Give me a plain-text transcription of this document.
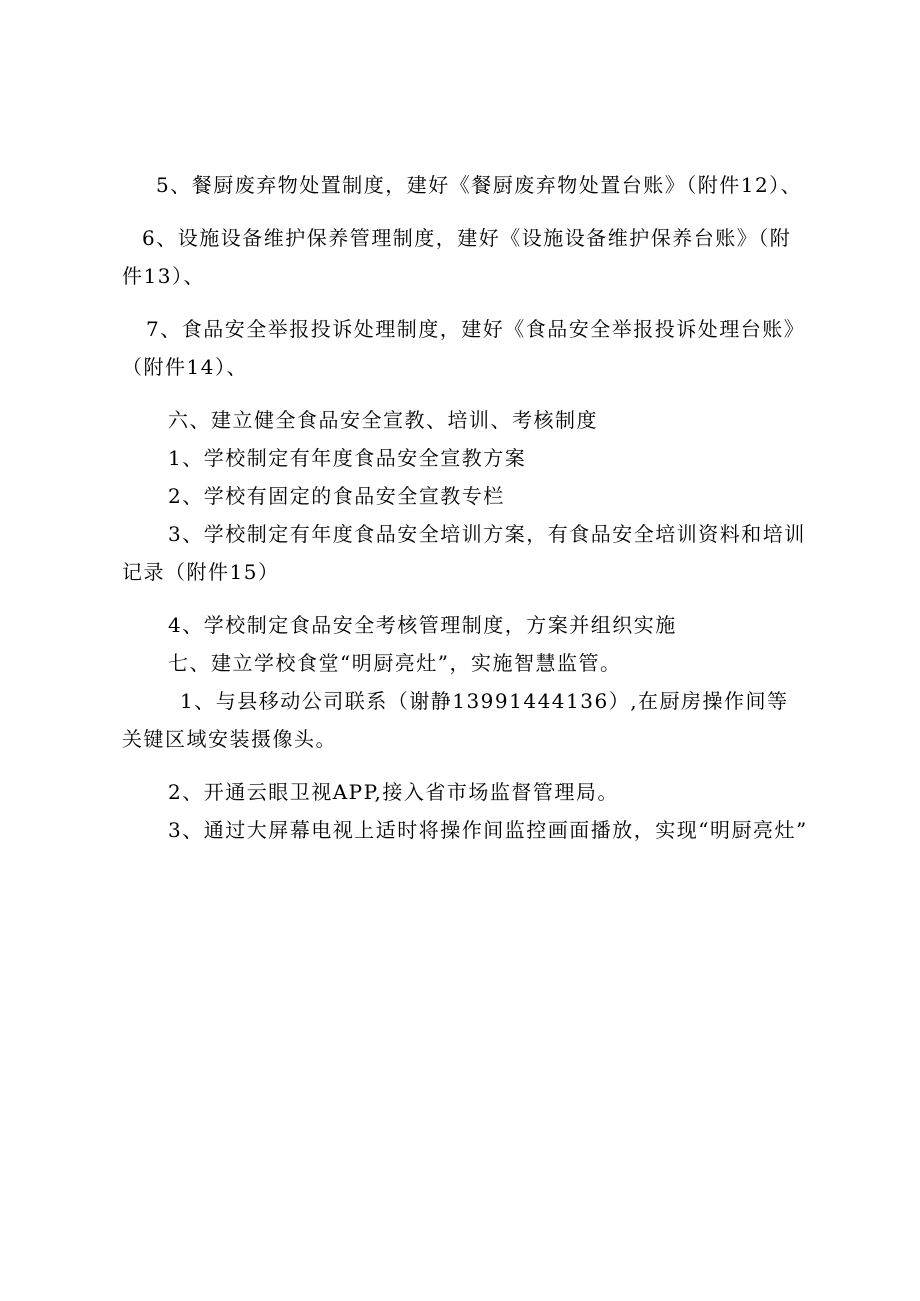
5、餐厨废弃物处置制度，建好《餐厨废弃物处置台账》（附件12）、

6、设施设备维护保养管理制度，建好《设施设备维护保养台账》（附件13）、

7、食品安全举报投诉处理制度，建好《食品安全举报投诉处理台账》（附件14）、

六、建立健全食品安全宣教、培训、考核制度

1、学校制定有年度食品安全宣教方案

2、学校有固定的食品安全宣教专栏

3、学校制定有年度食品安全培训方案，有食品安全培训资料和培训记录（附件15）

4、学校制定食品安全考核管理制度，方案并组织实施

七、建立学校食堂“明厨亮灶”，实施智慧监管。

1、与县移动公司联系（谢静13991444136）,在厨房操作间等关键区域安装摄像头。

2、开通云眼卫视APP,接入省市场监督管理局。

3、通过大屏幕电视上适时将操作间监控画面播放，实现“明厨亮灶”
